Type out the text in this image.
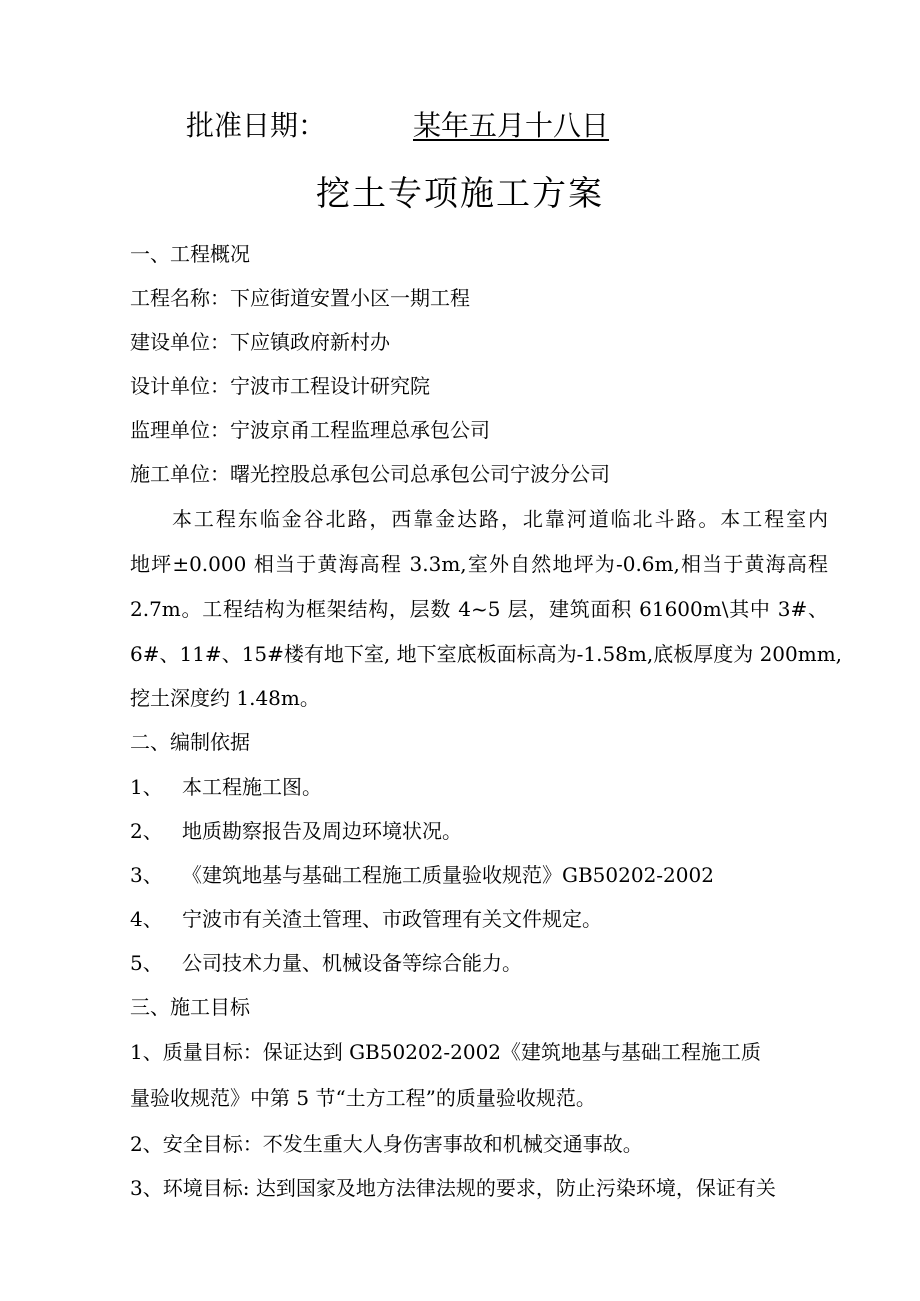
批准日期：	某年五月十八日
挖土专项施工方案
一、工程概况
工程名称：下应街道安置小区一期工程
建设单位：下应镇政府新村办
设计单位：宁波市工程设计研究院
监理单位：宁波京甬工程监理总承包公司
施工单位：曙光控股总承包公司总承包公司宁波分公司
本工程东临金谷北路，西靠金达路，北靠河道临北斗路。本工程室内
地坪±0.000 相当于黄海高程 3.3m,室外自然地坪为-0.6m,相当于黄海高程
2.7m。工程结构为框架结构，层数 4~5 层，建筑面积 61600m\其中 3#、
6#、11#、15#楼有地下室, 地下室底板面标高为-1.58m,底板厚度为 200mm,
挖土深度约 1.48m。
二、编制依据
1、 本工程施工图。
2、 地质勘察报告及周边环境状况。
3、 《建筑地基与基础工程施工质量验收规范》GB50202-2002
4、 宁波市有关渣土管理、市政管理有关文件规定。
5、 公司技术力量、机械设备等综合能力。
三、施工目标
1、质量目标：保证达到 GB50202-2002《建筑地基与基础工程施工质
量验收规范》中第 5 节“土方工程”的质量验收规范。
2、安全目标：不发生重大人身伤害事故和机械交通事故。
3、环境目标: 达到国家及地方法律法规的要求，防止污染环境，保证有关
